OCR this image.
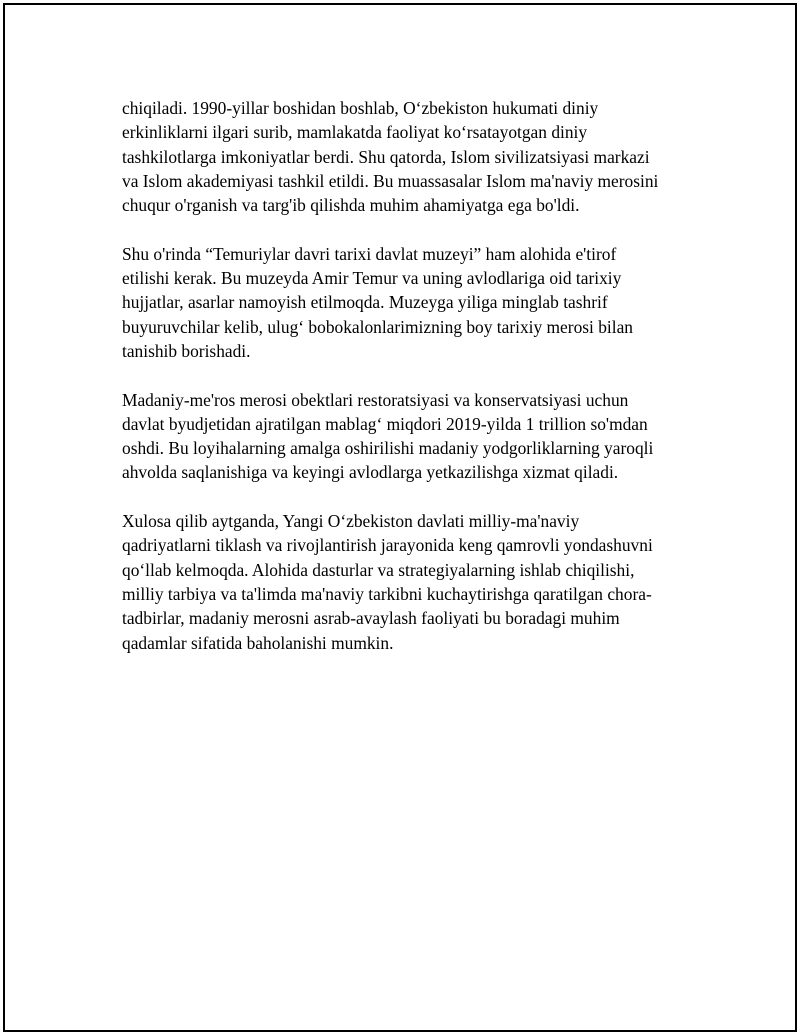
chiqiladi. 1990-yillar boshidan boshlab, O‘zbekiston hukumati diniy
erkinliklarni ilgari surib, mamlakatda faoliyat ko‘rsatayotgan diniy
tashkilotlarga imkoniyatlar berdi. Shu qatorda, Islom sivilizatsiyasi markazi
va Islom akademiyasi tashkil etildi. Bu muassasalar Islom ma'naviy merosini
chuqur o'rganish va targ'ib qilishda muhim ahamiyatga ega bo'ldi.

Shu o'rinda “Temuriylar davri tarixi davlat muzeyi” ham alohida e'tirof
etilishi kerak. Bu muzeyda Amir Temur va uning avlodlariga oid tarixiy
hujjatlar, asarlar namoyish etilmoqda. Muzeyga yiliga minglab tashrif
buyuruvchilar kelib, ulug‘ bobokalonlarimizning boy tarixiy merosi bilan
tanishib borishadi.

Madaniy-me'ros merosi obektlari restoratsiyasi va konservatsiyasi uchun
davlat byudjetidan ajratilgan mablag‘ miqdori 2019-yilda 1 trillion so'mdan
oshdi. Bu loyihalarning amalga oshirilishi madaniy yodgorliklarning yaroqli
ahvolda saqlanishiga va keyingi avlodlarga yetkazilishga xizmat qiladi.

Xulosa qilib aytganda, Yangi O‘zbekiston davlati milliy-ma'naviy
qadriyatlarni tiklash va rivojlantirish jarayonida keng qamrovli yondashuvni
qo‘llab kelmoqda. Alohida dasturlar va strategiyalarning ishlab chiqilishi,
milliy tarbiya va ta'limda ma'naviy tarkibni kuchaytirishga qaratilgan chora-
tadbirlar, madaniy merosni asrab-avaylash faoliyati bu boradagi muhim
qadamlar sifatida baholanishi mumkin.
